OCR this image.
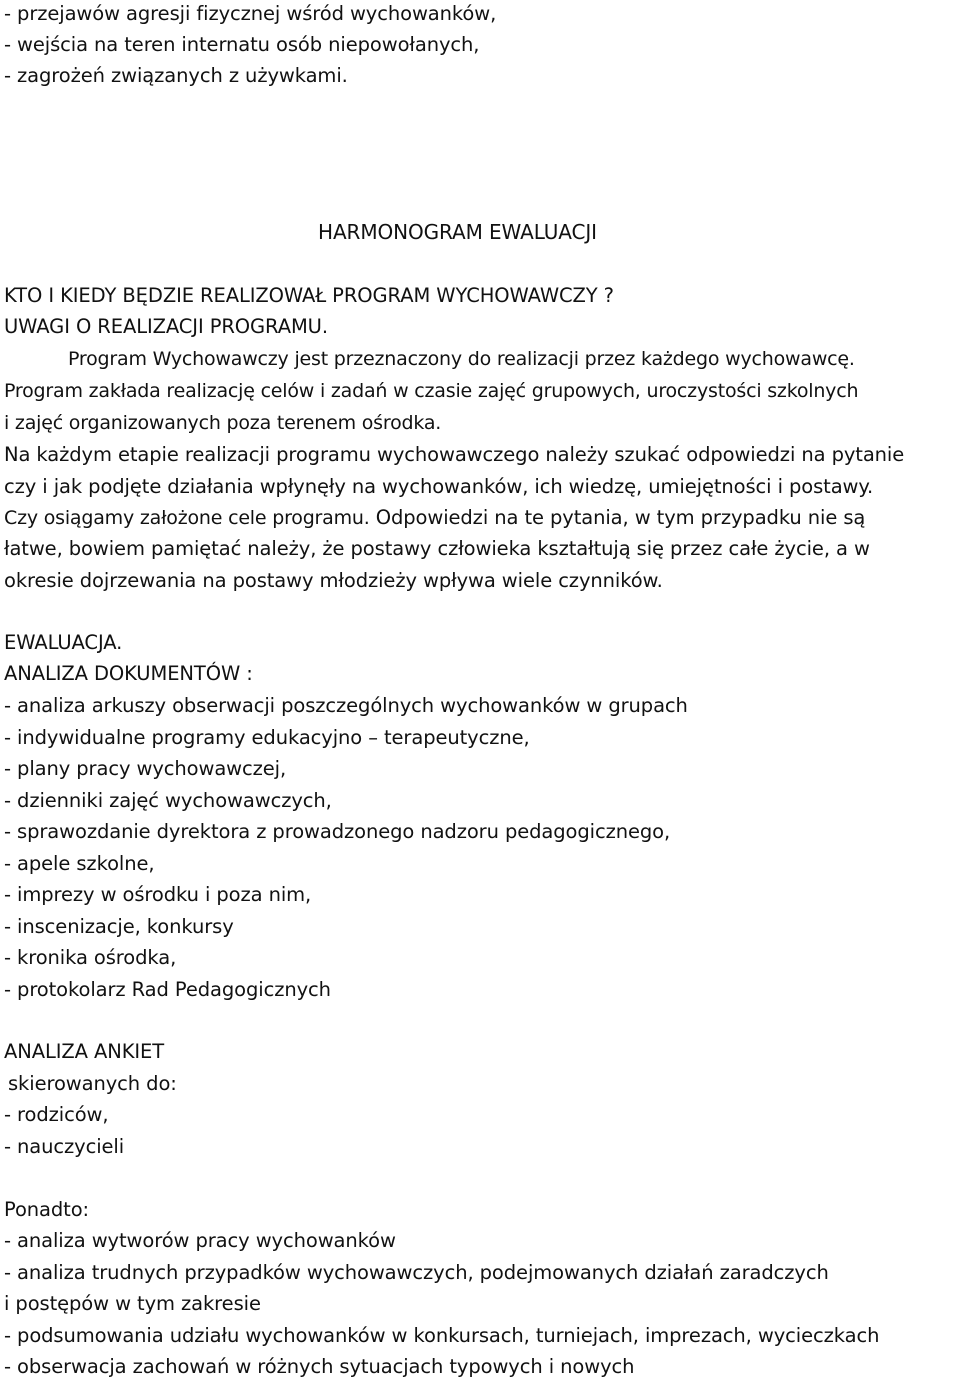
- przejawów agresji fizycznej wśród wychowanków,
- wejścia na teren internatu osób niepowołanych,
- zagrożeń związanych z używkami.
HARMONOGRAM EWALUACJI
KTO I KIEDY BĘDZIE REALIZOWAŁ PROGRAM WYCHOWAWCZY ?
UWAGI O REALIZACJI PROGRAMU.
Program Wychowawczy jest przeznaczony do realizacji przez każdego wychowawcę.
Program zakłada realizację celów i zadań w czasie zajęć grupowych, uroczystości szkolnych
i zajęć organizowanych poza terenem ośrodka.
Na każdym etapie realizacji programu wychowawczego należy szukać odpowiedzi na pytanie
czy i jak podjęte działania wpłynęły na wychowanków, ich wiedzę, umiejętności i postawy.
Czy osiągamy założone cele programu. Odpowiedzi na te pytania, w tym przypadku nie są
łatwe, bowiem pamiętać należy, że postawy człowieka kształtują się przez całe życie, a w
okresie dojrzewania na postawy młodzieży wpływa wiele czynników.
EWALUACJA.
ANALIZA DOKUMENTÓW :
- analiza arkuszy obserwacji poszczególnych wychowanków w grupach
- indywidualne programy edukacyjno – terapeutyczne,
- plany pracy wychowawczej,
- dzienniki zajęć wychowawczych,
- sprawozdanie dyrektora z prowadzonego nadzoru pedagogicznego,
- apele szkolne,
- imprezy w ośrodku i poza nim,
- inscenizacje, konkursy
- kronika ośrodka,
- protokolarz Rad Pedagogicznych
ANALIZA ANKIET
skierowanych do:
- rodziców,
- nauczycieli
Ponadto:
- analiza wytworów pracy wychowanków
- analiza trudnych przypadków wychowawczych, podejmowanych działań zaradczych
i postępów w tym zakresie
- podsumowania udziału wychowanków w konkursach, turniejach, imprezach, wycieczkach
- obserwacja zachowań w różnych sytuacjach typowych i nowych
